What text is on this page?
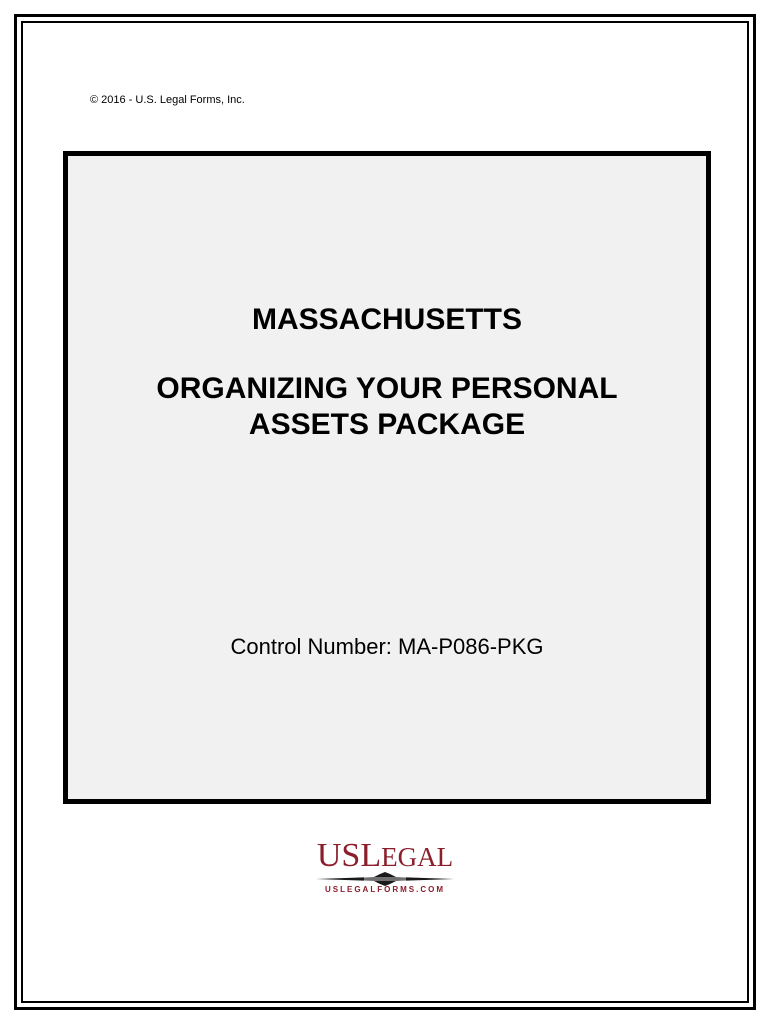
© 2016 - U.S. Legal Forms, Inc.
MASSACHUSETTS
ORGANIZING YOUR PERSONAL
ASSETS PACKAGE
Control Number: MA-P086-PKG
USLEGAL
USLEGALFORMS.COM
